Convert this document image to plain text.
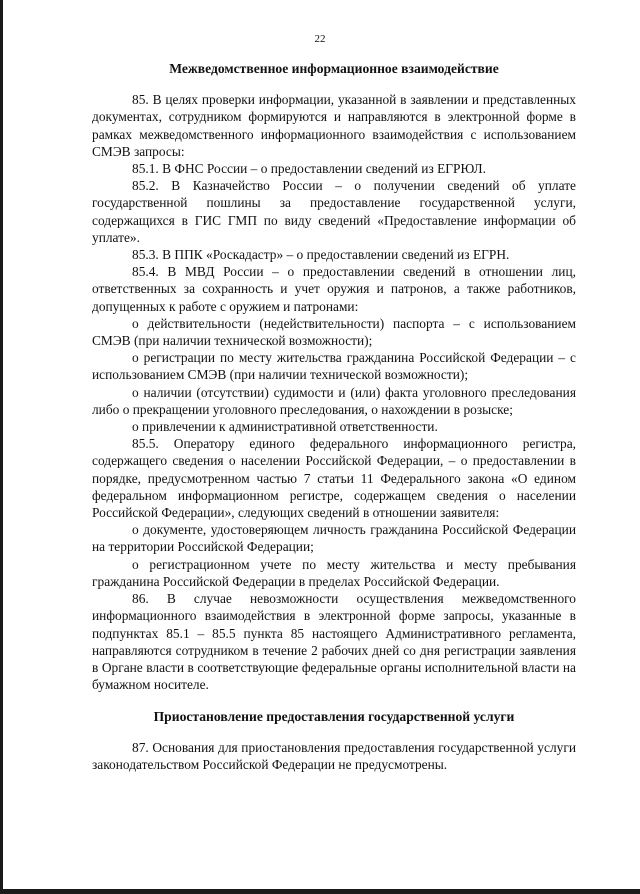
22
Межведомственное информационное взаимодействие

85. В целях проверки информации, указанной в заявлении и представленных документах, сотрудником формируются и направляются в электронной форме в рамках межведомственного информационного взаимодействия с использованием СМЭВ запросы:

85.1. В ФНС России – о предоставлении сведений из ЕГРЮЛ.

85.2. В Казначейство России – о получении сведений об уплате государственной пошлины за предоставление государственной услуги, содержащихся в ГИС ГМП по виду сведений «Предоставление информации об уплате».

85.3. В ППК «Роскадастр» – о предоставлении сведений из ЕГРН.

85.4. В МВД России – о предоставлении сведений в отношении лиц, ответственных за сохранность и учет оружия и патронов, а также работников, допущенных к работе с оружием и патронами:

о действительности (недействительности) паспорта – с использованием СМЭВ (при наличии технической возможности);

о регистрации по месту жительства гражданина Российской Федерации – с использованием СМЭВ (при наличии технической возможности);

о наличии (отсутствии) судимости и (или) факта уголовного преследования либо о прекращении уголовного преследования, о нахождении в розыске;

о привлечении к административной ответственности.

85.5. Оператору единого федерального информационного регистра, содержащего сведения о населении Российской Федерации, – о предоставлении в порядке, предусмотренном частью 7 статьи 11 Федерального закона «О едином федеральном информационном регистре, содержащем сведения о населении Российской Федерации», следующих сведений в отношении заявителя:

о документе, удостоверяющем личность гражданина Российской Федерации на территории Российской Федерации;

о регистрационном учете по месту жительства и месту пребывания гражданина Российской Федерации в пределах Российской Федерации.

86. В случае невозможности осуществления межведомственного информационного взаимодействия в электронной форме запросы, указанные в подпунктах 85.1 – 85.5 пункта 85 настоящего Административного регламента, направляются сотрудником в течение 2 рабочих дней со дня регистрации заявления в Органе власти в соответствующие федеральные органы исполнительной власти на бумажном носителе.

Приостановление предоставления государственной услуги

87. Основания для приостановления предоставления государственной услуги законодательством Российской Федерации не предусмотрены.
